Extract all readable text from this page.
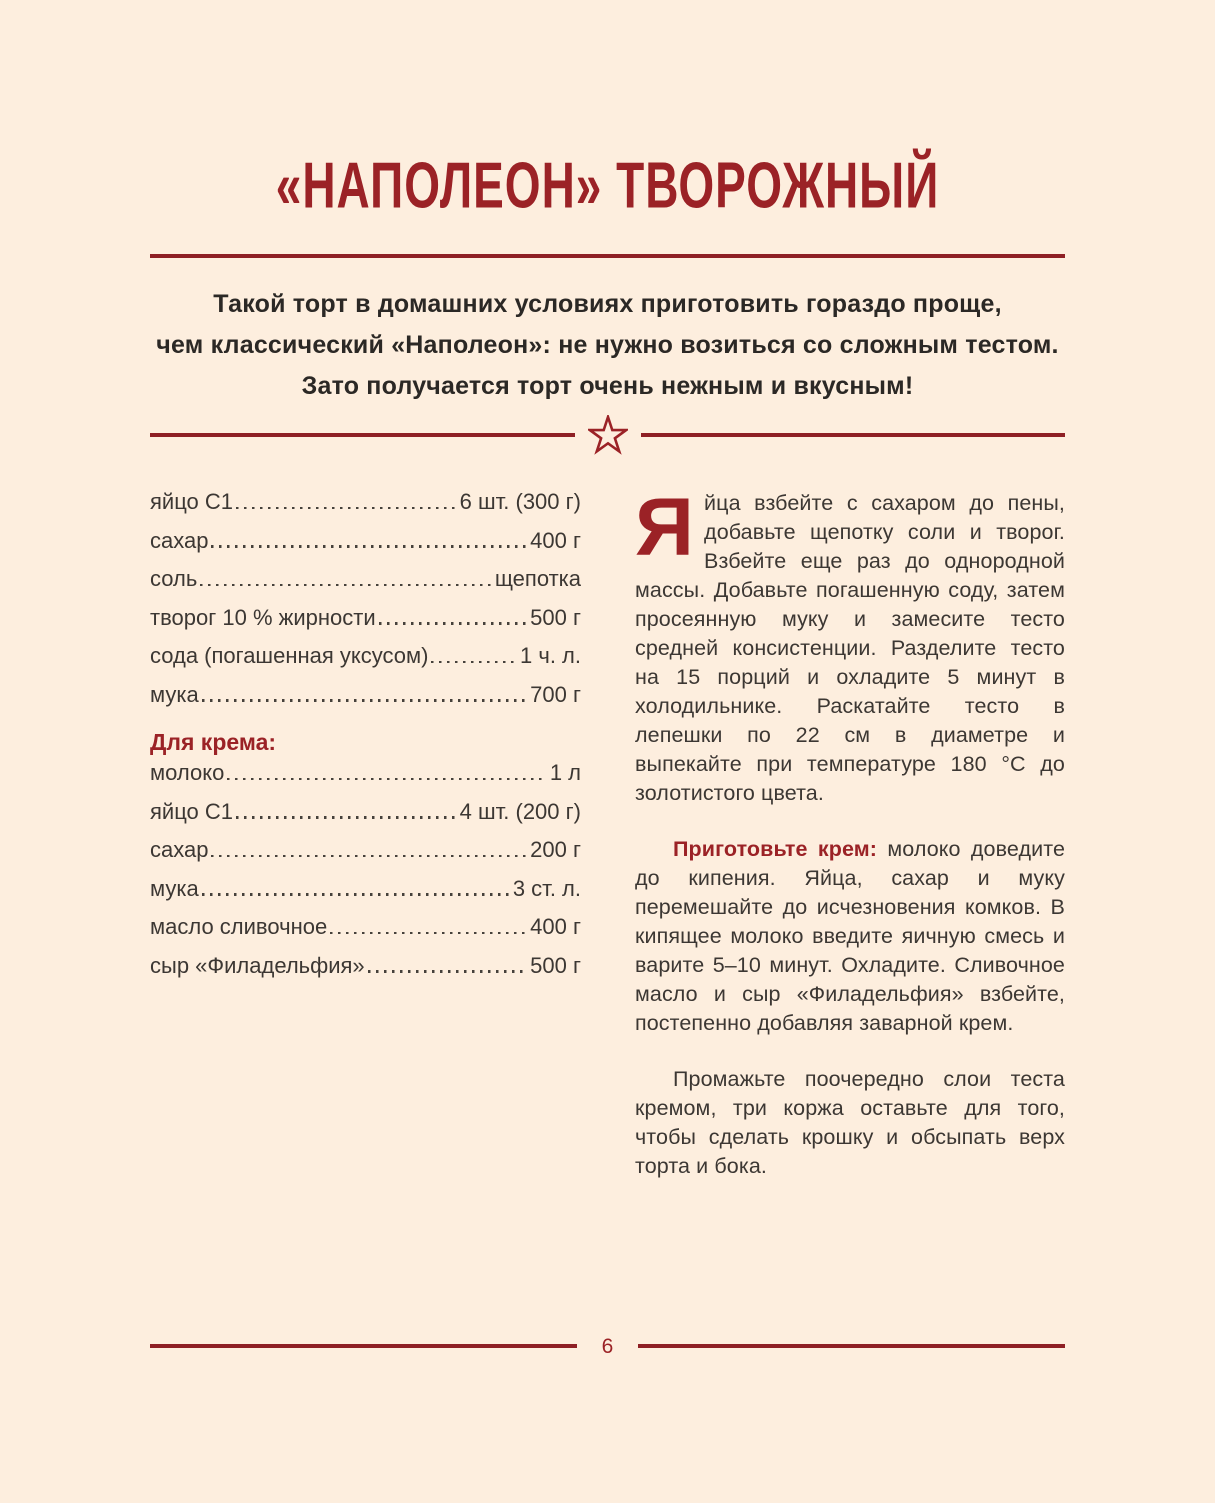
«НАПОЛЕОН» ТВОРОЖНЫЙ
Такой торт в домашних условиях приготовить гораздо проще,
чем классический «Наполеон»: не нужно возиться со сложным тестом.
Зато получается торт очень нежным и вкусным!
яйцо С1	6 шт. (300 г)
сахар	400 г
соль	щепотка
творог 10 % жирности	500 г
сода (погашенная уксусом)	1 ч. л.
мука	700 г
Для крема:
молоко	1 л
яйцо С1	4 шт. (200 г)
сахар	200 г
мука	3 ст. л.
масло сливочное	400 г
сыр «Филадельфия»	500 г

Яйца взбейте с сахаром до пены, добавьте щепотку соли и творог. Взбейте еще раз до однородной массы. Добавьте погашенную соду, затем просеянную муку и замесите тесто средней консистенции. Разделите тесто на 15 порций и охладите 5 минут в холодильнике. Раскатайте тесто в лепешки по 22 см в диаметре и выпекайте при температуре 180 °C до золотистого цвета.

Приготовьте крем: молоко доведите до кипения. Яйца, сахар и муку перемешайте до исчезновения комков. В кипящее молоко введите яичную смесь и варите 5–10 минут. Охладите. Сливочное масло и сыр «Филадельфия» взбейте, постепенно добавляя заварной крем.

Промажьте поочередно слои теста кремом, три коржа оставьте для того, чтобы сделать крошку и обсыпать верх торта и бока.

6
